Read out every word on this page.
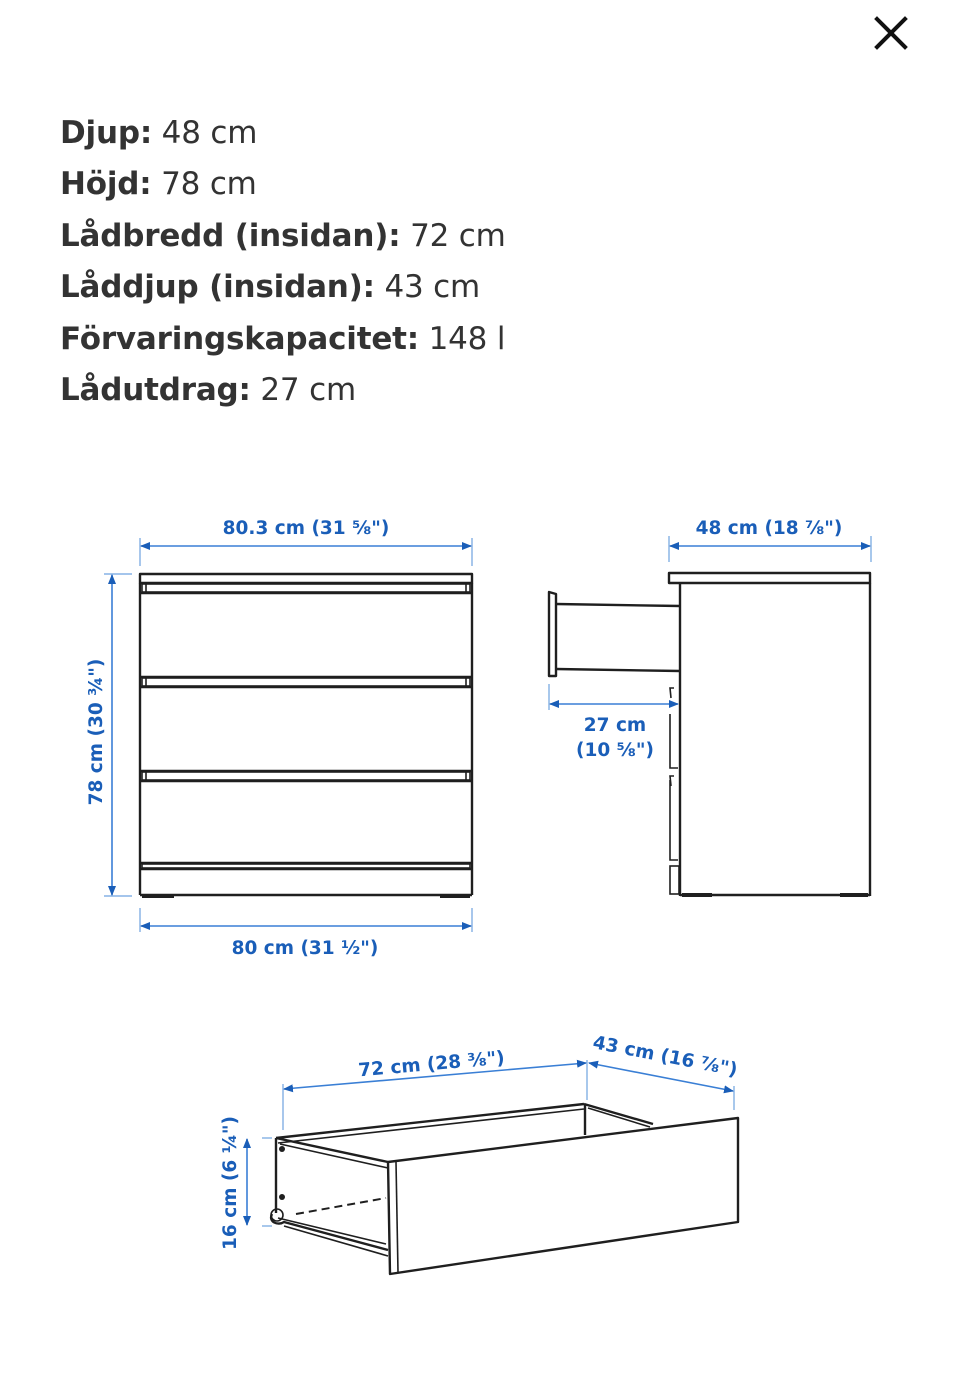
Djup: 48 cm
Höjd: 78 cm
Lådbredd (insidan): 72 cm
Låddjup (insidan): 43 cm
Förvaringskapacitet: 148 l
Lådutdrag: 27 cm
80.3 cm (31 ⅝")
78 cm (30 ¾")
80 cm (31 ½")
48 cm (18 ⅞")
27 cm
(10 ⅝")
72 cm (28 ⅜")	43 cm (16 ⅞")
16 cm (6 ¼")
